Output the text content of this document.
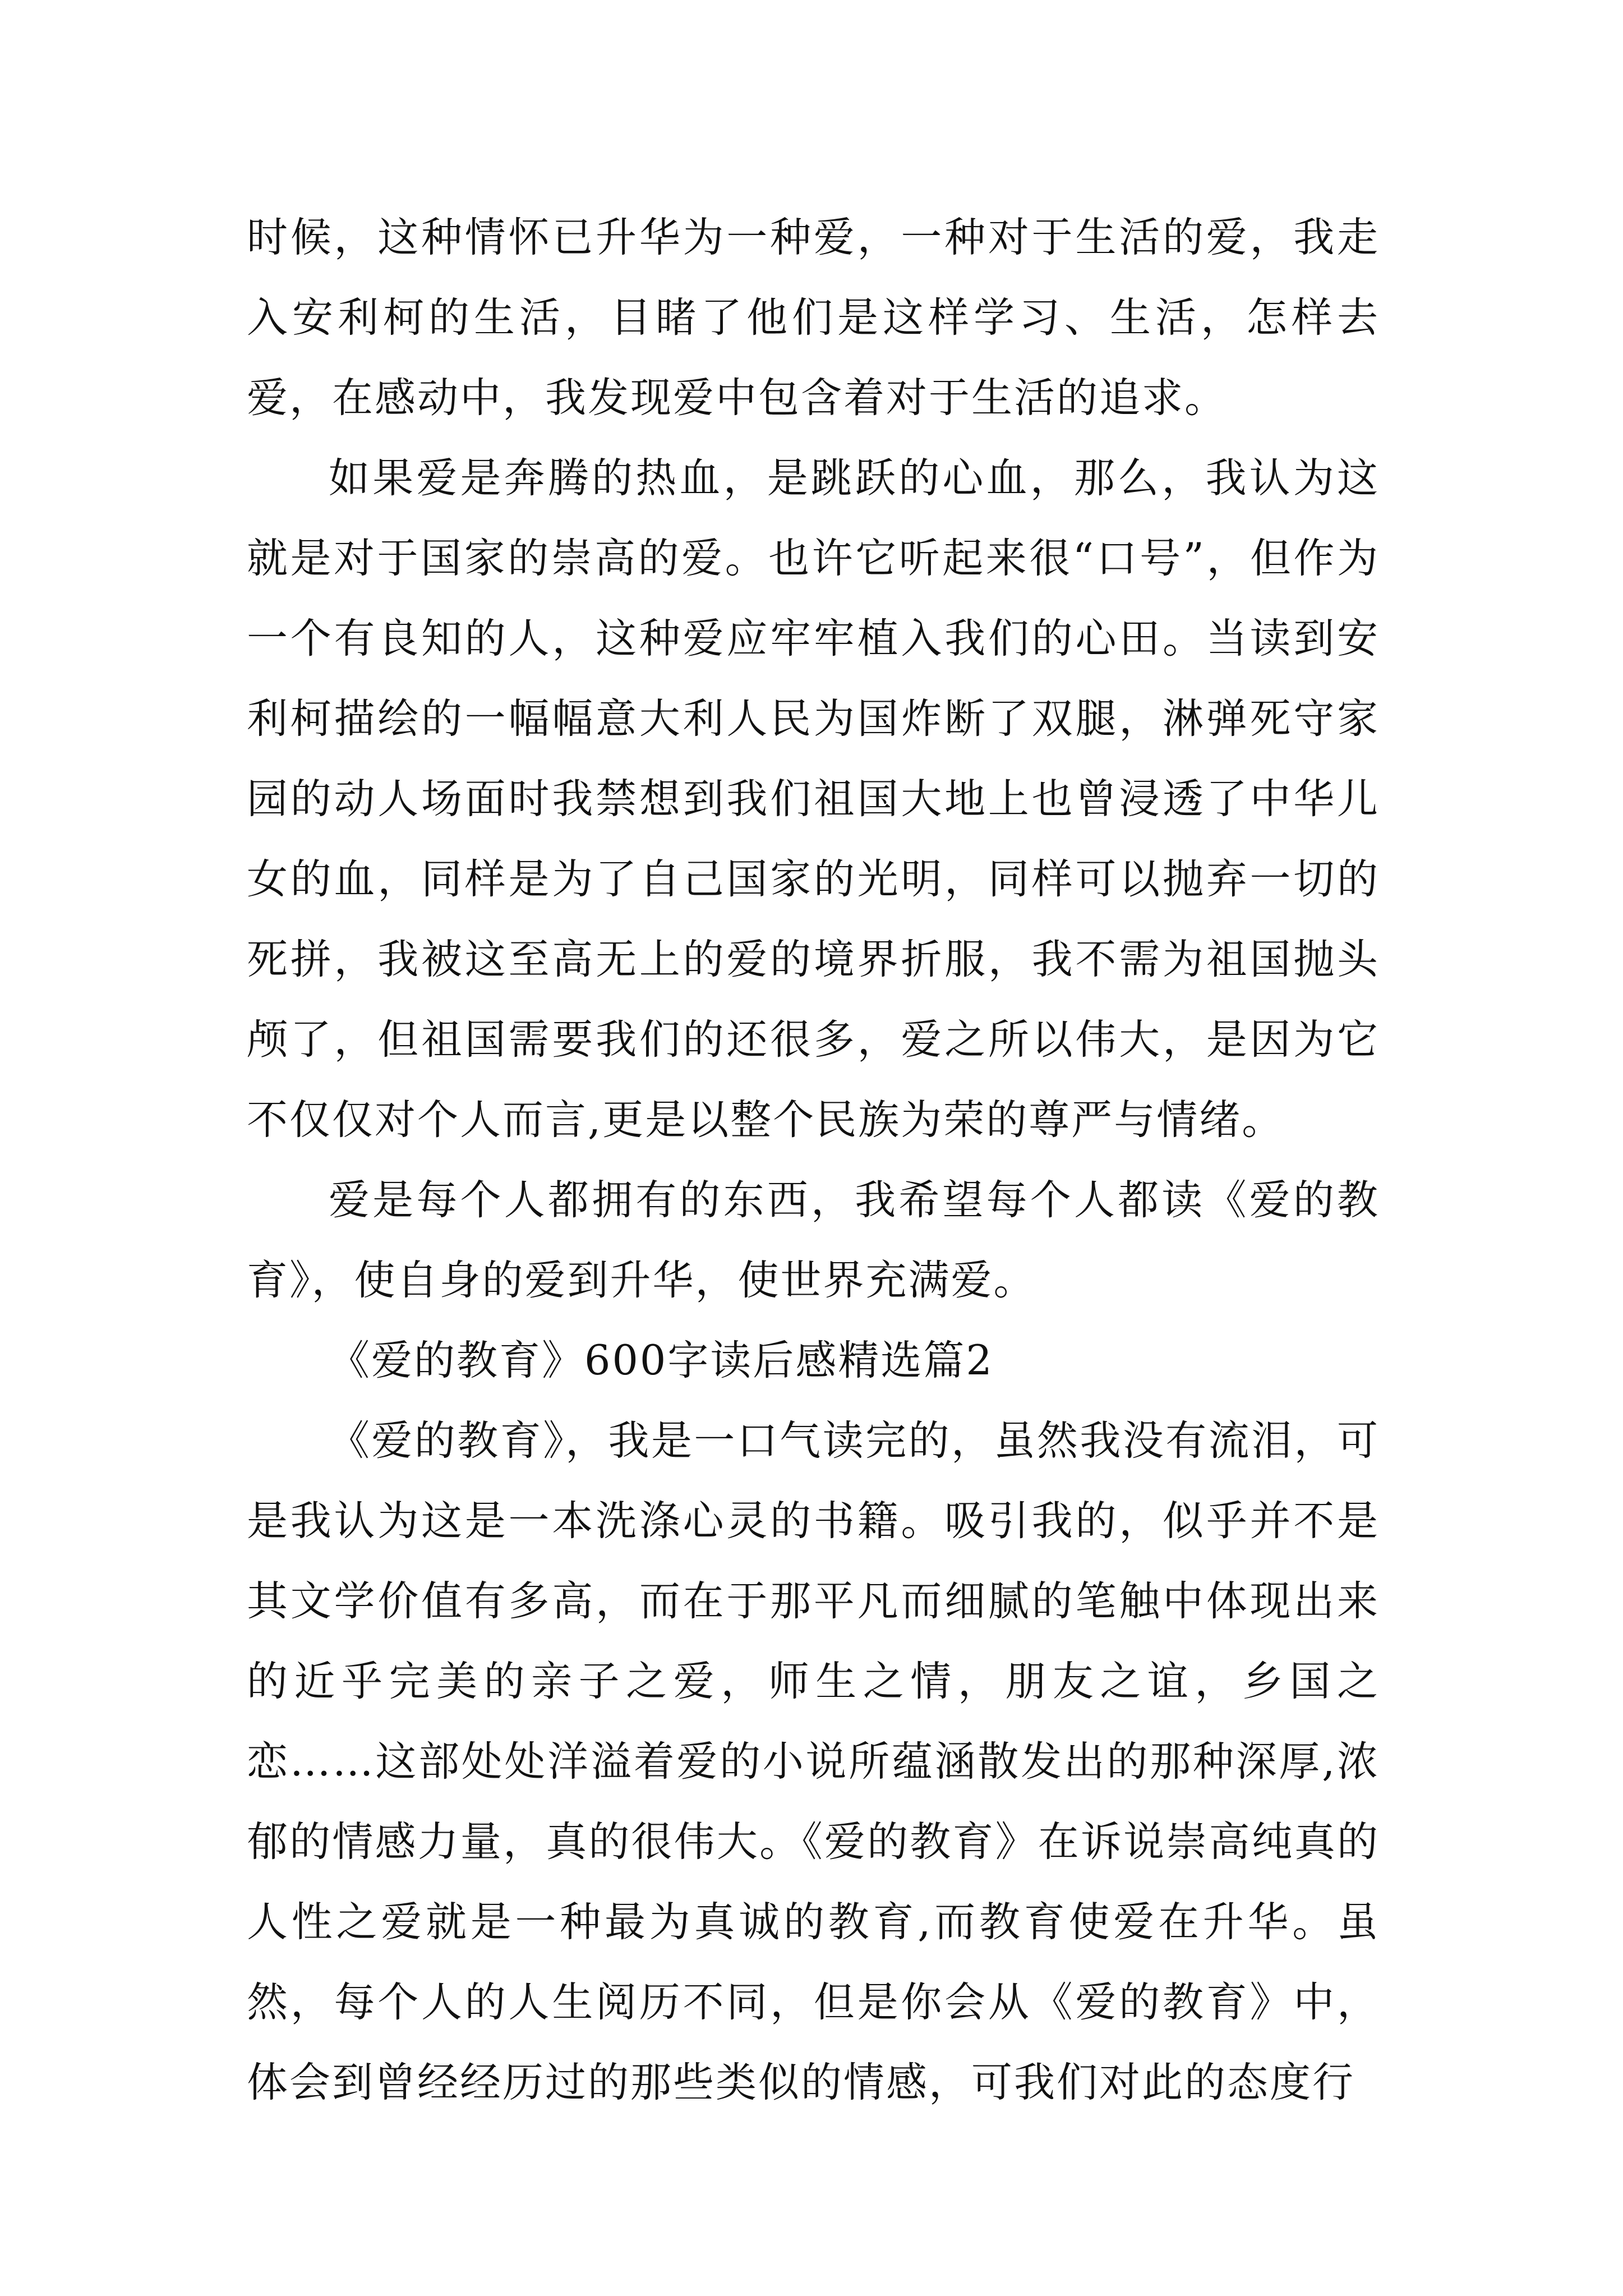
时候，这种情怀已升华为一种爱，一种对于生活的爱，我走入安利柯的生活，目睹了他们是这样学习、生活，怎样去爱，在感动中，我发现爱中包含着对于生活的追求。

如果爱是奔腾的热血，是跳跃的心血，那么，我认为这就是对于国家的崇高的爱。也许它听起来很“口号”，但作为一个有良知的人，这种爱应牢牢植入我们的心田。当读到安利柯描绘的一幅幅意大利人民为国炸断了双腿，淋弹死守家园的动人场面时我禁想到我们祖国大地上也曾浸透了中华儿女的血，同样是为了自己国家的光明，同样可以抛弃一切的死拼，我被这至高无上的爱的境界折服，我不需为祖国抛头颅了，但祖国需要我们的还很多，爱之所以伟大，是因为它不仅仅对个人而言,更是以整个民族为荣的尊严与情绪。

爱是每个人都拥有的东西，我希望每个人都读《爱的教育》，使自身的爱到升华，使世界充满爱。

《爱的教育》600字读后感精选篇2

《爱的教育》，我是一口气读完的，虽然我没有流泪，可是我认为这是一本洗涤心灵的书籍。吸引我的，似乎并不是其文学价值有多高，而在于那平凡而细腻的笔触中体现出来的近乎完美的亲子之爱，师生之情，朋友之谊，乡国之恋……这部处处洋溢着爱的小说所蕴涵散发出的那种深厚,浓郁的情感力量，真的很伟大。《爱的教育》在诉说崇高纯真的人性之爱就是一种最为真诚的教育,而教育使爱在升华。虽然，每个人的人生阅历不同，但是你会从《爱的教育》中，体会到曾经经历过的那些类似的情感，可我们对此的态度行
